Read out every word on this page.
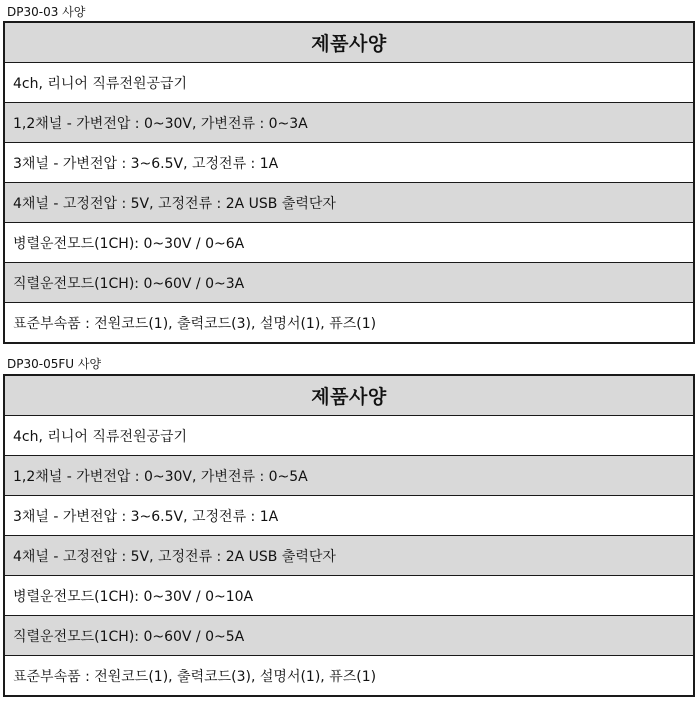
DP30-03 사양
제품사양
4ch, 리니어 직류전원공급기
1,2채널 - 가변전압 : 0~30V, 가변전류 : 0~3A
3채널 - 가변전압 : 3~6.5V, 고정전류 : 1A
4채널 - 고정전압 : 5V, 고정전류 : 2A USB 출력단자
병렬운전모드(1CH): 0~30V / 0~6A
직렬운전모드(1CH): 0~60V / 0~3A
표준부속품 : 전원코드(1), 출력코드(3), 설명서(1), 퓨즈(1)
DP30-05FU 사양
제품사양
4ch, 리니어 직류전원공급기
1,2채널 - 가변전압 : 0~30V, 가변전류 : 0~5A
3채널 - 가변전압 : 3~6.5V, 고정전류 : 1A
4채널 - 고정전압 : 5V, 고정전류 : 2A USB 출력단자
병렬운전모드(1CH): 0~30V / 0~10A
직렬운전모드(1CH): 0~60V / 0~5A
표준부속품 : 전원코드(1), 출력코드(3), 설명서(1), 퓨즈(1)
